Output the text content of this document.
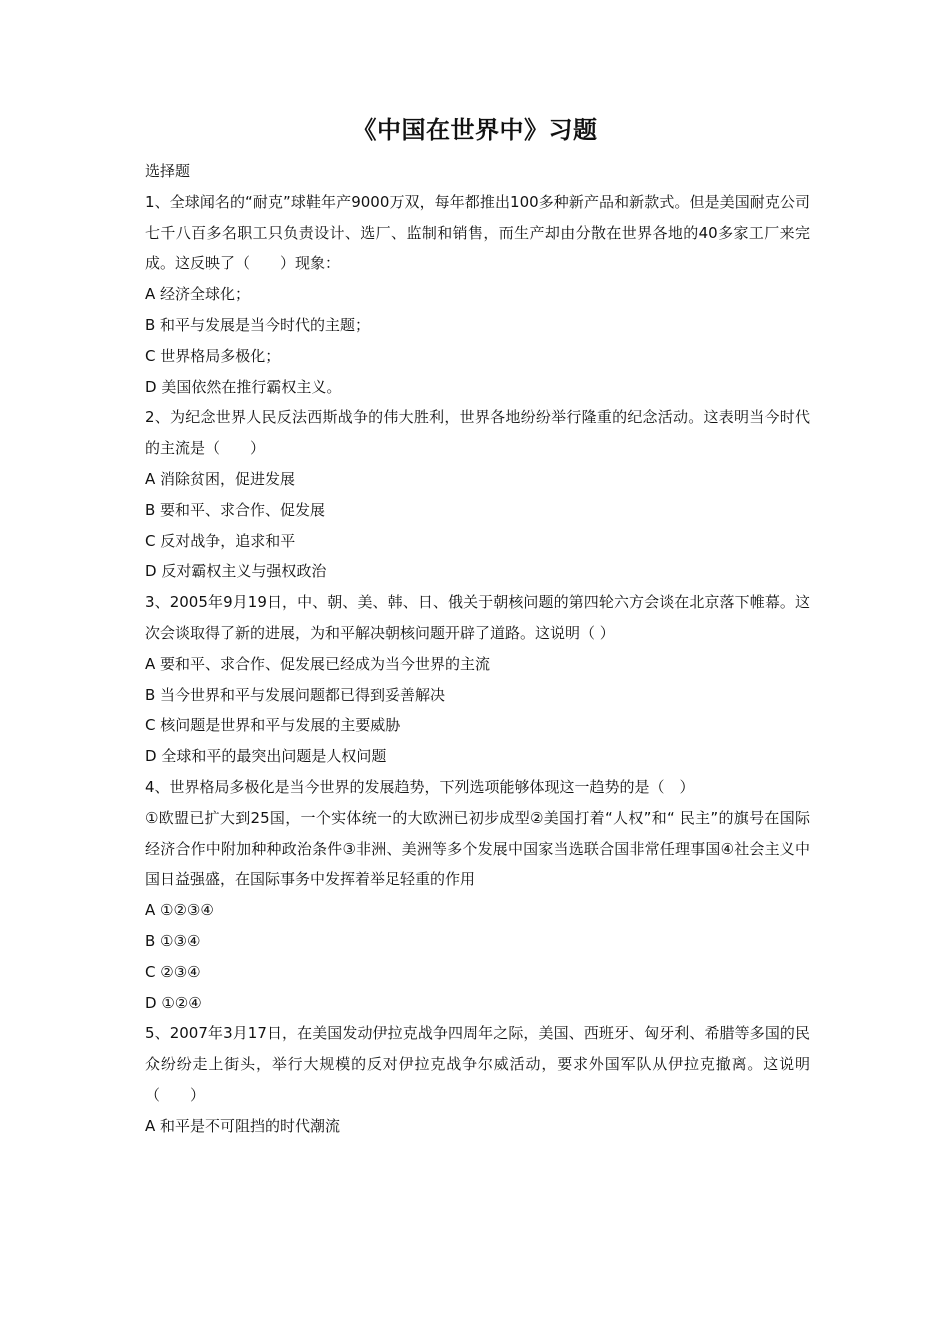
《中国在世界中》习题
选择题
1、全球闻名的“耐克”球鞋年产9000万双，每年都推出100多种新产品和新款式。但是美国耐克公司七千八百多名职工只负责设计、选厂、监制和销售，而生产却由分散在世界各地的40多家工厂来完成。这反映了（　　）现象：
A 经济全球化；
B 和平与发展是当今时代的主题；
C 世界格局多极化；
D 美国依然在推行霸权主义。
2、为纪念世界人民反法西斯战争的伟大胜利，世界各地纷纷举行隆重的纪念活动。这表明当今时代的主流是（　　）
A 消除贫困，促进发展
B 要和平、求合作、促发展
C 反对战争，追求和平
D 反对霸权主义与强权政治
3、2005年9月19日，中、朝、美、韩、日、俄关于朝核问题的第四轮六方会谈在北京落下帷幕。这次会谈取得了新的进展，为和平解决朝核问题开辟了道路。这说明（ ）
A 要和平、求合作、促发展已经成为当今世界的主流
B 当今世界和平与发展问题都已得到妥善解决
C 核问题是世界和平与发展的主要威胁
D 全球和平的最突出问题是人权问题
4、世界格局多极化是当今世界的发展趋势，下列选项能够体现这一趋势的是（　）
①欧盟已扩大到25国，一个实体统一的大欧洲已初步成型②美国打着“人权”和“ 民主”的旗号在国际经济合作中附加种种政治条件③非洲、美洲等多个发展中国家当选联合国非常任理事国④社会主义中国日益强盛，在国际事务中发挥着举足轻重的作用
A ①②③④
B ①③④
C ②③④
D ①②④
5、2007年3月17日，在美国发动伊拉克战争四周年之际，美国、西班牙、匈牙利、希腊等多国的民众纷纷走上街头，举行大规模的反对伊拉克战争尔威活动，要求外国军队从伊拉克撤离。这说明（　　）
A 和平是不可阻挡的时代潮流
